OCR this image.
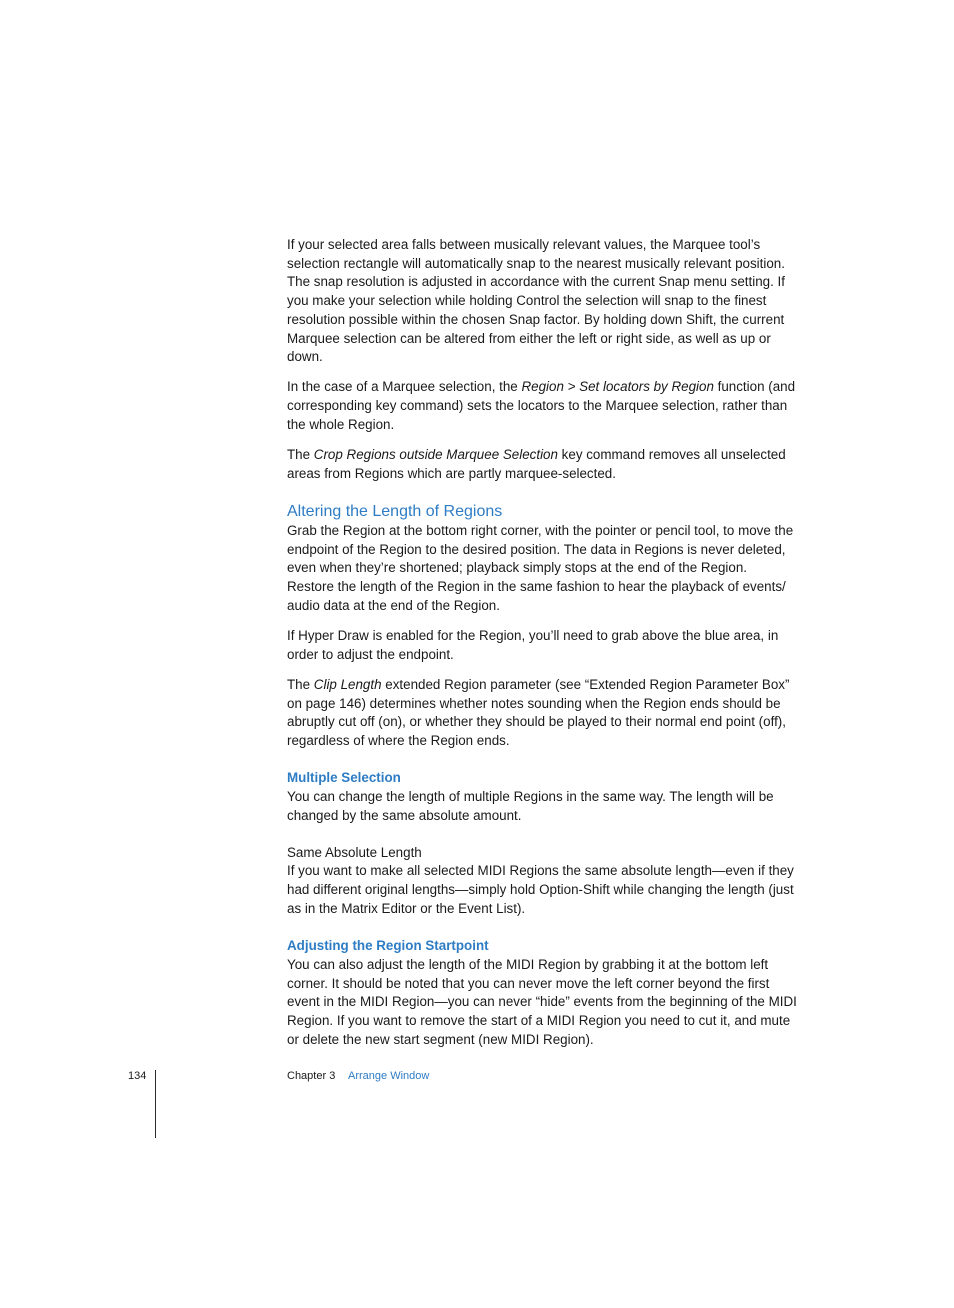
If your selected area falls between musically relevant values, the Marquee tool’s selection rectangle will automatically snap to the nearest musically relevant position. The snap resolution is adjusted in accordance with the current Snap menu setting. If you make your selection while holding Control the selection will snap to the finest resolution possible within the chosen Snap factor. By holding down Shift, the current Marquee selection can be altered from either the left or right side, as well as up or down.

In the case of a Marquee selection, the Region > Set locators by Region function (and corresponding key command) sets the locators to the Marquee selection, rather than the whole Region.

The Crop Regions outside Marquee Selection key command removes all unselected areas from Regions which are partly marquee-selected.

Altering the Length of Regions

Grab the Region at the bottom right corner, with the pointer or pencil tool, to move the endpoint of the Region to the desired position. The data in Regions is never deleted, even when they’re shortened; playback simply stops at the end of the Region. Restore the length of the Region in the same fashion to hear the playback of events/ audio data at the end of the Region.

If Hyper Draw is enabled for the Region, you’ll need to grab above the blue area, in order to adjust the endpoint.

The Clip Length extended Region parameter (see “Extended Region Parameter Box” on page 146) determines whether notes sounding when the Region ends should be abruptly cut off (on), or whether they should be played to their normal end point (off), regardless of where the Region ends.

Multiple Selection

You can change the length of multiple Regions in the same way. The length will be changed by the same absolute amount.

Same Absolute Length

If you want to make all selected MIDI Regions the same absolute length—even if they had different original lengths—simply hold Option-Shift while changing the length (just as in the Matrix Editor or the Event List).

Adjusting the Region Startpoint

You can also adjust the length of the MIDI Region by grabbing it at the bottom left corner. It should be noted that you can never move the left corner beyond the first event in the MIDI Region—you can never “hide” events from the beginning of the MIDI Region. If you want to remove the start of a MIDI Region you need to cut it, and mute or delete the new start segment (new MIDI Region).

134	Chapter 3 Arrange Window
